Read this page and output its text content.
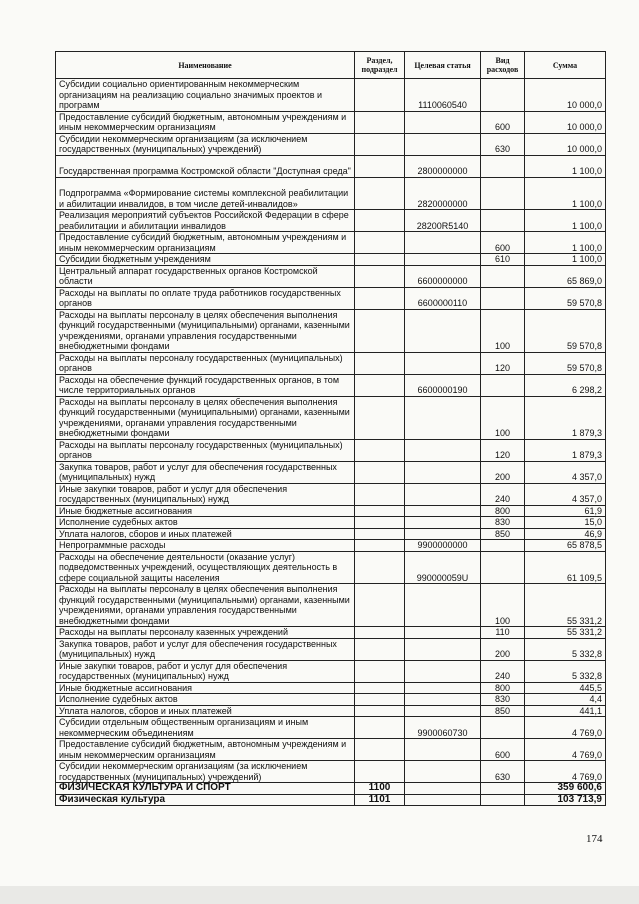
Наименование	Раздел, подраздел	Целевая статья	Вид расходов	Сумма
Субсидии социально ориентированным некоммерческим организациям на реализацию социально значимых проектов и программ		1110060540		10 000,0
Предоставление субсидий бюджетным, автономным учреждениям и иным некоммерческим организациям			600	10 000,0
Субсидии некоммерческим организациям (за исключением государственных (муниципальных) учреждений)			630	10 000,0
Государственная программа Костромской области "Доступная среда"		2800000000		1 100,0
Подпрограмма «Формирование системы комплексной реабилитации и абилитации инвалидов, в том числе детей-инвалидов»		2820000000		1 100,0
Реализация мероприятий субъектов Российской Федерации в сфере реабилитации и абилитации инвалидов		28200R5140		1 100,0
Предоставление субсидий бюджетным, автономным учреждениям и иным некоммерческим организациям			600	1 100,0
Субсидии бюджетным учреждениям			610	1 100,0
Центральный аппарат государственных органов Костромской области		6600000000		65 869,0
Расходы на выплаты по оплате труда работников государственных органов		6600000110		59 570,8
Расходы на выплаты персоналу в целях обеспечения выполнения функций государственными (муниципальными) органами, казенными учреждениями, органами управления государственными внебюджетными фондами			100	59 570,8
Расходы на выплаты персоналу государственных (муниципальных) органов			120	59 570,8
Расходы на обеспечение функций государственных органов, в том числе территориальных органов		6600000190		6 298,2
Расходы на выплаты персоналу в целях обеспечения выполнения функций государственными (муниципальными) органами, казенными учреждениями, органами управления государственными внебюджетными фондами			100	1 879,3
Расходы на выплаты персоналу государственных (муниципальных) органов			120	1 879,3
Закупка товаров, работ и услуг для обеспечения государственных (муниципальных) нужд			200	4 357,0
Иные закупки товаров, работ и услуг для обеспечения государственных (муниципальных) нужд			240	4 357,0
Иные бюджетные ассигнования			800	61,9
Исполнение судебных актов			830	15,0
Уплата налогов, сборов и иных платежей			850	46,9
Непрограммные расходы		9900000000		65 878,5
Расходы на обеспечение деятельности (оказание услуг) подведомственных учреждений, осуществляющих деятельность в сфере социальной защиты населения		990000059U		61 109,5
Расходы на выплаты персоналу в целях обеспечения выполнения функций государственными (муниципальными) органами, казенными учреждениями, органами управления государственными внебюджетными фондами			100	55 331,2
Расходы на выплаты персоналу казенных учреждений			110	55 331,2
Закупка товаров, работ и услуг для обеспечения государственных (муниципальных) нужд			200	5 332,8
Иные закупки товаров, работ и услуг для обеспечения государственных (муниципальных) нужд			240	5 332,8
Иные бюджетные ассигнования			800	445,5
Исполнение судебных актов			830	4,4
Уплата налогов, сборов и иных платежей			850	441,1
Субсидии отдельным общественным организациям и иным некоммерческим объединениям		9900060730		4 769,0
Предоставление субсидий бюджетным, автономным учреждениям и иным некоммерческим организациям			600	4 769,0
Субсидии некоммерческим организациям (за исключением государственных (муниципальных) учреждений)			630	4 769,0
ФИЗИЧЕСКАЯ КУЛЬТУРА И СПОРТ	1100			359 600,6
Физическая культура	1101			103 713,9
174
